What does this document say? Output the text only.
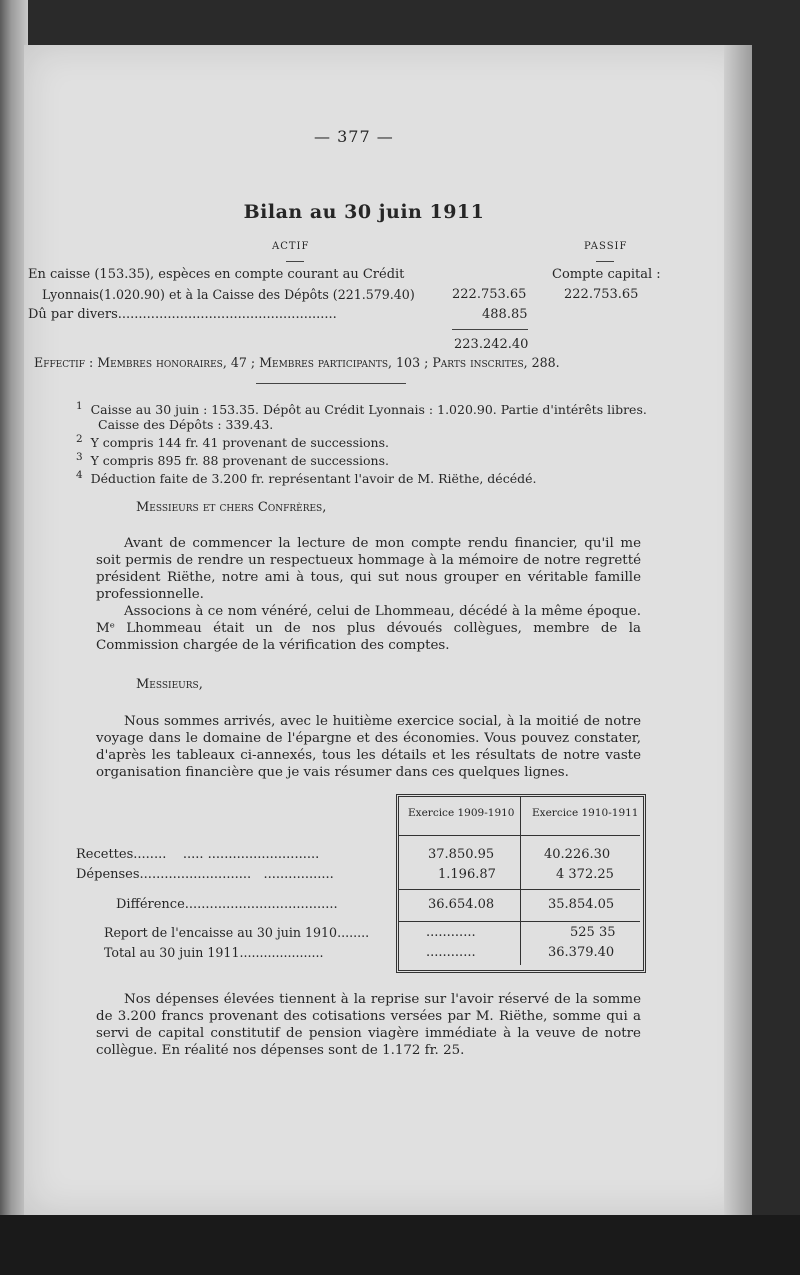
— 377 —
Bilan au 30 juin 1911
ACTIF	PASSIF
En caisse (153.35), espèces en compte courant au Crédit	Compte capital :
Lyonnais(1.020.90) et à la Caisse des Dépôts (221.579.40)	222.753.65	222.753.65
Dû par divers.....................................................	488.85
223.242.40
Effectif : Membres honoraires, 47 ; Membres participants, 103 ; Parts inscrites, 288.
$^1$ Caisse au 30 juin : 153.35. Dépôt au Crédit Lyonnais : 1.020.90. Partie d'intérêts libres.
Caisse des Dépôts : 339.43.
$^2$ Y compris 144 fr. 41 provenant de successions.
$^3$ Y compris 895 fr. 88 provenant de successions.
$^4$ Déduction faite de 3.200 fr. représentant l'avoir de M. Riëthe, décédé.
Messieurs et chers Confrères,
Avant de commencer la lecture de mon compte rendu financier, qu'il me soit permis de rendre un respectueux hommage à la mémoire de notre regretté président Riëthe, notre ami à tous, qui sut nous grouper en véritable famille professionnelle.
Associons à ce nom vénéré, celui de Lhommeau, décédé à la même époque. Mᵉ Lhommeau était un de nos plus dévoués collègues, membre de la Commission chargée de la vérification des comptes.
Messieurs,
Nous sommes arrivés, avec le huitième exercice social, à la moitié de notre voyage dans le domaine de l'épargne et des économies. Vous pouvez constater, d'après les tableaux ci-annexés, tous les détails et les résultats de notre vaste organisation financière que je vais résumer dans ces quelques lignes.
Exercice 1909-1910 Exercice 1910-1911
Recettes........    ..... ...........................	37.850.95	40.226.30
Dépenses...........................   .................	1.196.87	4 372.25
Différence.....................................	36.654.08	35.854.05
Report de l'encaisse au 30 juin 1910........	............	525 35
Total au 30 juin 1911.....................	............	36.379.40
Nos dépenses élevées tiennent à la reprise sur l'avoir réservé de la somme de 3.200 francs provenant des cotisations versées par M. Riëthe, somme qui a servi de capital constitutif de pension viagère immédiate à la veuve de notre collègue. En réalité nos dépenses sont de 1.172 fr. 25.
